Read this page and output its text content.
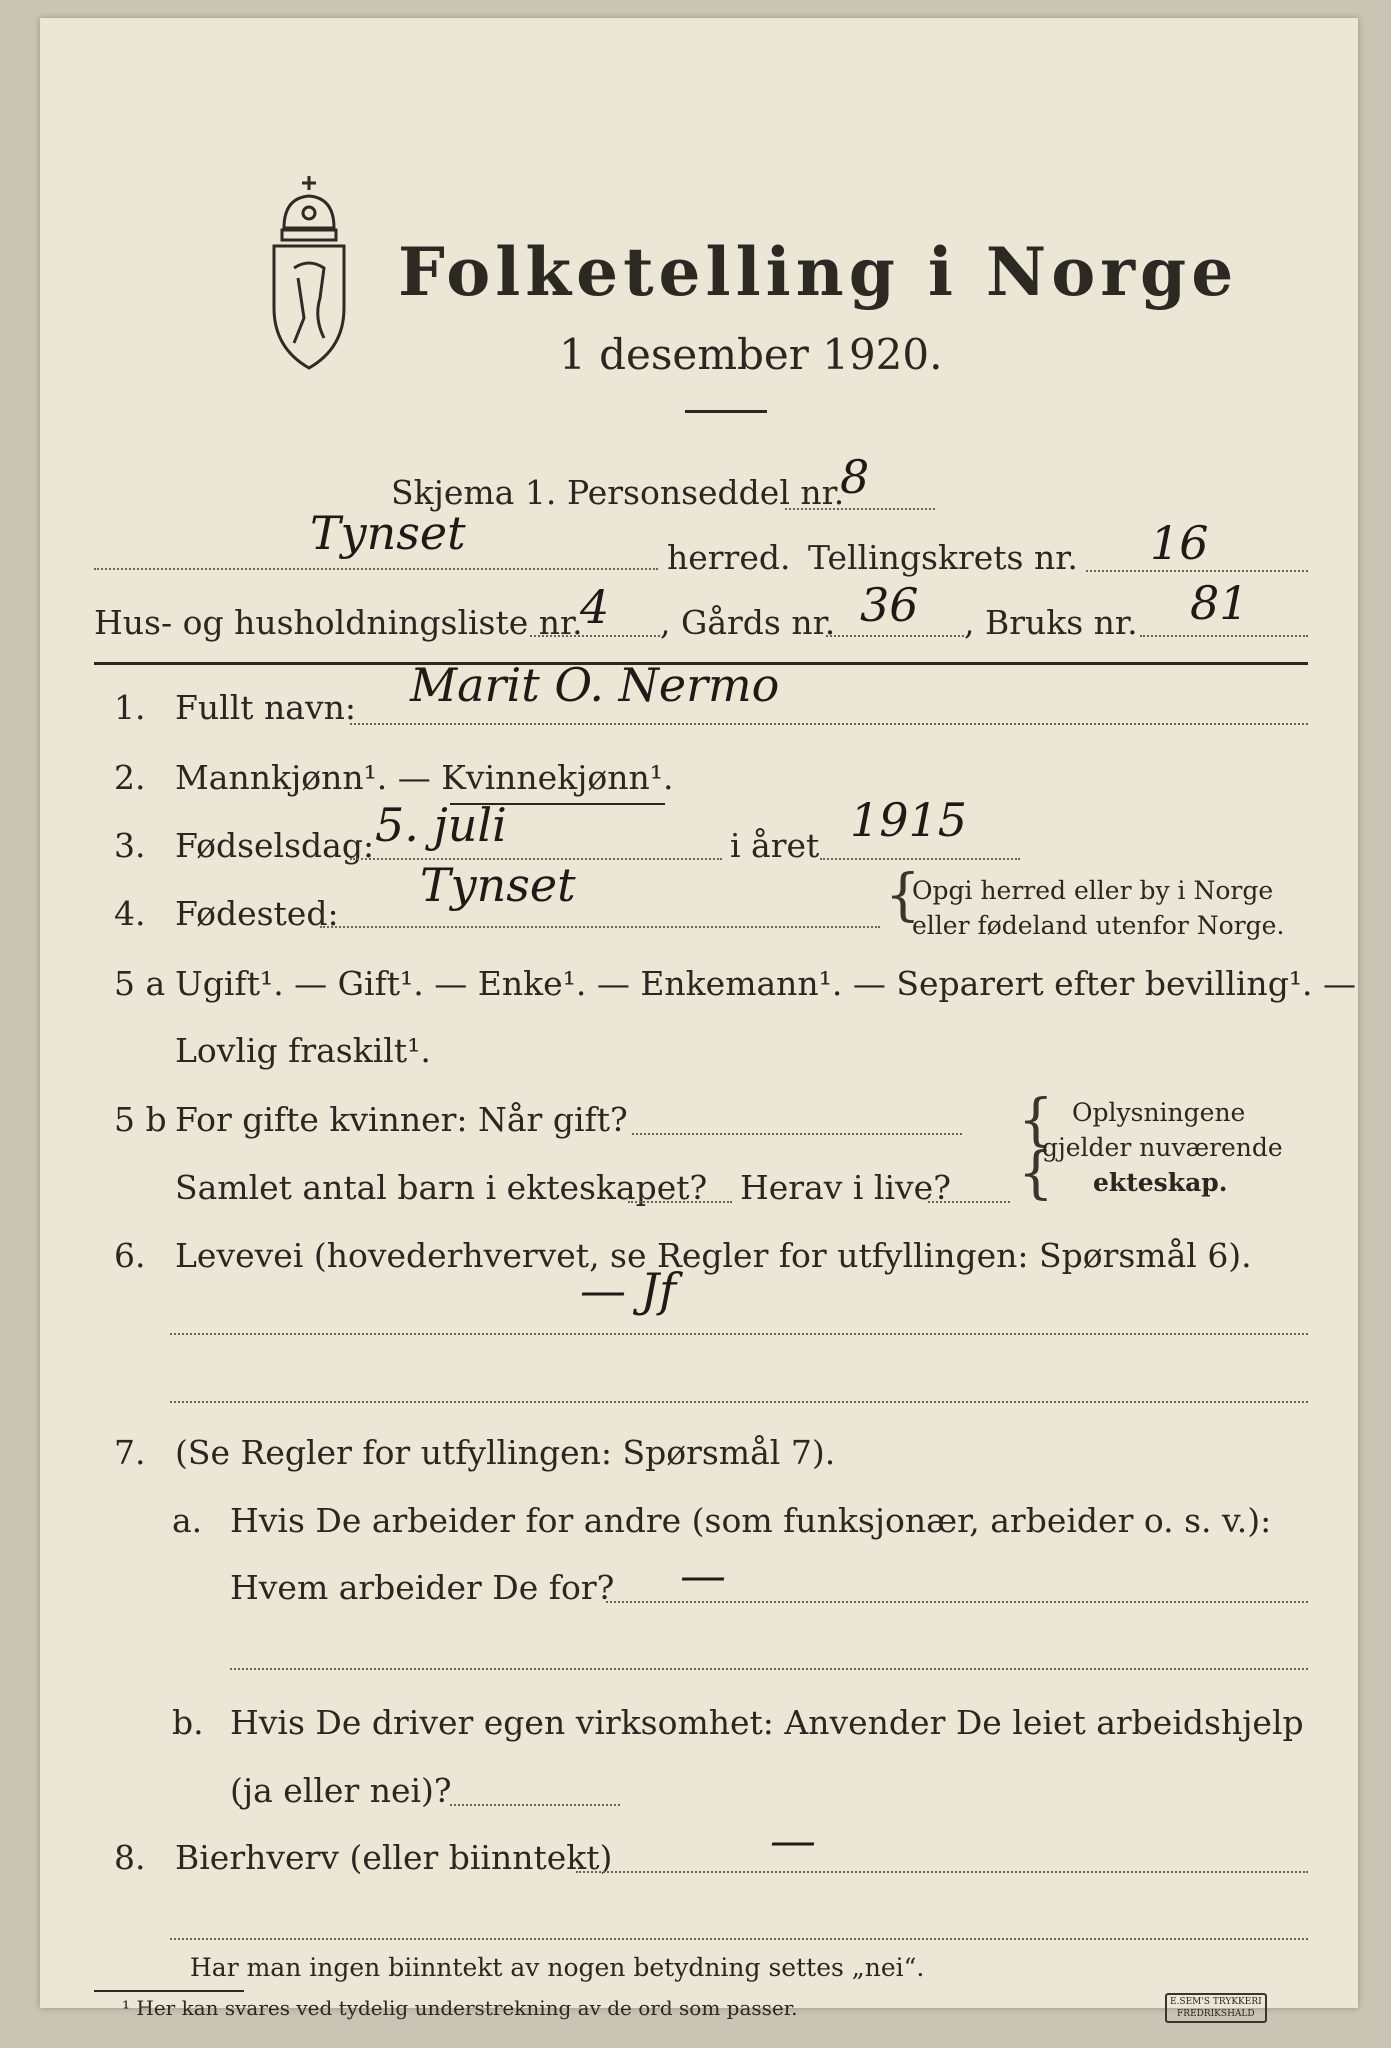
Folketelling i Norge
1 desember 1920.
Skjema 1. Personseddel nr.
8
Tynset	herred. Tellingskrets nr. 16
Hus- og husholdningsliste nr.
4 , Gårds nr. 36 , Bruks nr. 81
1. Fullt navn: Marit O. Nermo
2. Mannkjønn¹. — Kvinnekjønn¹.
3. Fødselsdag: 5. juli	i året 1915
4. Fødested:
Tynset	{
Opgi herred eller by i Norge
eller fødeland utenfor Norge.
5 a Ugift¹. — Gift¹. — Enke¹. — Enkemann¹. — Separert efter bevilling¹. —
Lovlig fraskilt¹.
5 b For gifte kvinner: Når gift?
Samlet antal barn i ekteskapet? Herav i live?
{
{
Oplysningene
gjelder nuværende
ekteskap.
6. Levevei (hovederhvervet, se Regler for utfyllingen: Spørsmål 6).
— Jf
7. (Se Regler for utfyllingen: Spørsmål 7).
a. Hvis De arbeider for andre (som funksjonær, arbeider o. s. v.):
Hvem arbeider De for? —
b. Hvis De driver egen virksomhet: Anvender De leiet arbeidshjelp
(ja eller nei)?
8. Bierhverv (eller biinntekt)	—
Har man ingen biinntekt av nogen betydning settes „nei“.
¹ Her kan svares ved tydelig understrekning av de ord som passer.	E.SEM'S TRYKKERI
FREDRIKSHALD
